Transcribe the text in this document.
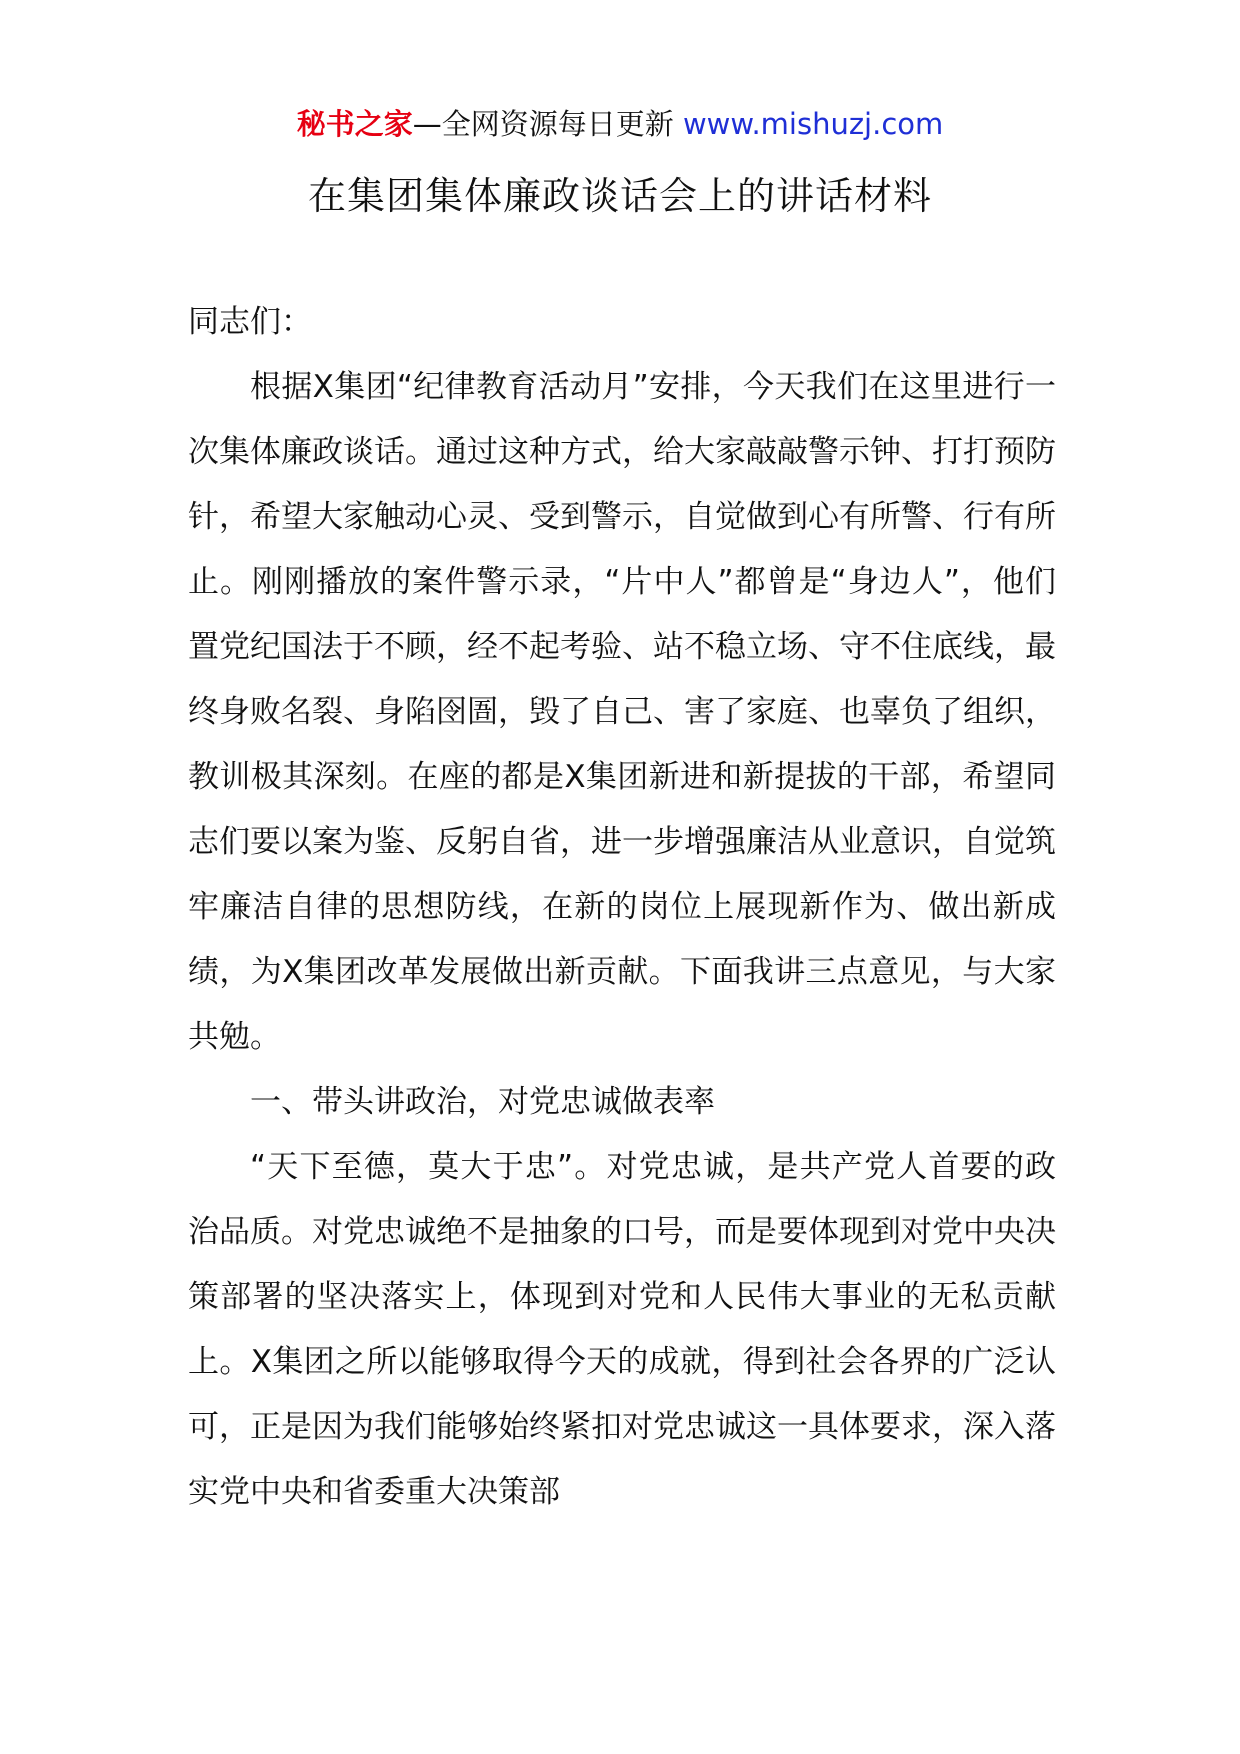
秘书之家—全网资源每日更新 www.mishuzj.com
在集团集体廉政谈话会上的讲话材料

同志们：

根据X集团“纪律教育活动月”安排，今天我们在这里进行一次集体廉政谈话。通过这种方式，给大家敲敲警示钟、打打预防针，希望大家触动心灵、受到警示，自觉做到心有所警、行有所止。刚刚播放的案件警示录，“片中人”都曾是“身边人”，他们置党纪国法于不顾，经不起考验、站不稳立场、守不住底线，最终身败名裂、身陷囹圄，毁了自己、害了家庭、也辜负了组织，教训极其深刻。在座的都是X集团新进和新提拔的干部，希望同志们要以案为鉴、反躬自省，进一步增强廉洁从业意识，自觉筑牢廉洁自律的思想防线，在新的岗位上展现新作为、做出新成绩，为X集团改革发展做出新贡献。下面我讲三点意见，与大家共勉。

一、带头讲政治，对党忠诚做表率

“天下至德，莫大于忠”。对党忠诚，是共产党人首要的政治品质。对党忠诚绝不是抽象的口号，而是要体现到对党中央决策部署的坚决落实上，体现到对党和人民伟大事业的无私贡献上。X集团之所以能够取得今天的成就，得到社会各界的广泛认可，正是因为我们能够始终紧扣对党忠诚这一具体要求，深入落实党中央和省委重大决策部
